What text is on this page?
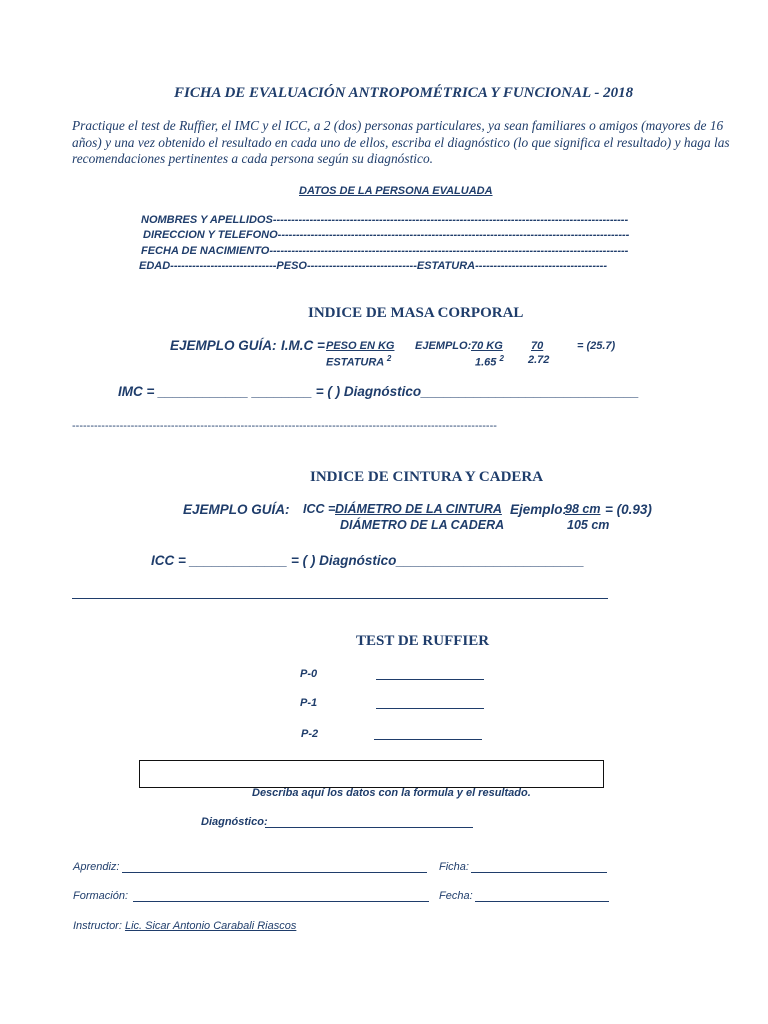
FICHA DE EVALUACIÓN ANTROPOMÉTRICA Y FUNCIONAL - 2018
Practique el test de Ruffier, el IMC y el ICC, a 2 (dos) personas particulares, ya sean familiares o amigos (mayores de 16 años) y una vez obtenido el resultado en cada uno de ellos, escriba el diagnóstico (lo que significa el resultado) y haga las recomendaciones pertinentes a cada persona según su diagnóstico.
DATOS DE LA PERSONA EVALUADA
NOMBRES Y APELLIDOS-------------------------------------------------------------------------------------------------
DIRECCION Y TELEFONO------------------------------------------------------------------------------------------------
FECHA DE NACIMIENTO--------------------------------------------------------------------------------------------------
EDAD-----------------------------PESO------------------------------ESTATURA------------------------------------
INDICE DE MASA CORPORAL
EJEMPLO GUÍA: I.M.C = PESO EN KG
ESTATURA $^2$
EJEMPLO: 70 KG
1.65 $^2$
70
2.72
= (25.7)
IMC = ____________ ________ = ( ) Diagnóstico_____________________________
--------------------------------------------------------------------------------------------------------------------
INDICE DE CINTURA Y CADERA
EJEMPLO GUÍA: ICC = DIÁMETRO DE LA CINTURA
DIÁMETRO DE LA CADERA
Ejemplo:
98 cm = (0.93)
105 cm
ICC = _____________ = ( ) Diagnóstico_________________________
TEST DE RUFFIER
P-0
P-1
P-2
Describa aquí los datos con la formula y el resultado.
Diagnóstico:
Aprendiz:	Ficha:
Formación:	Fecha:
Instructor: Lic. Sicar Antonio Carabali Riascos
